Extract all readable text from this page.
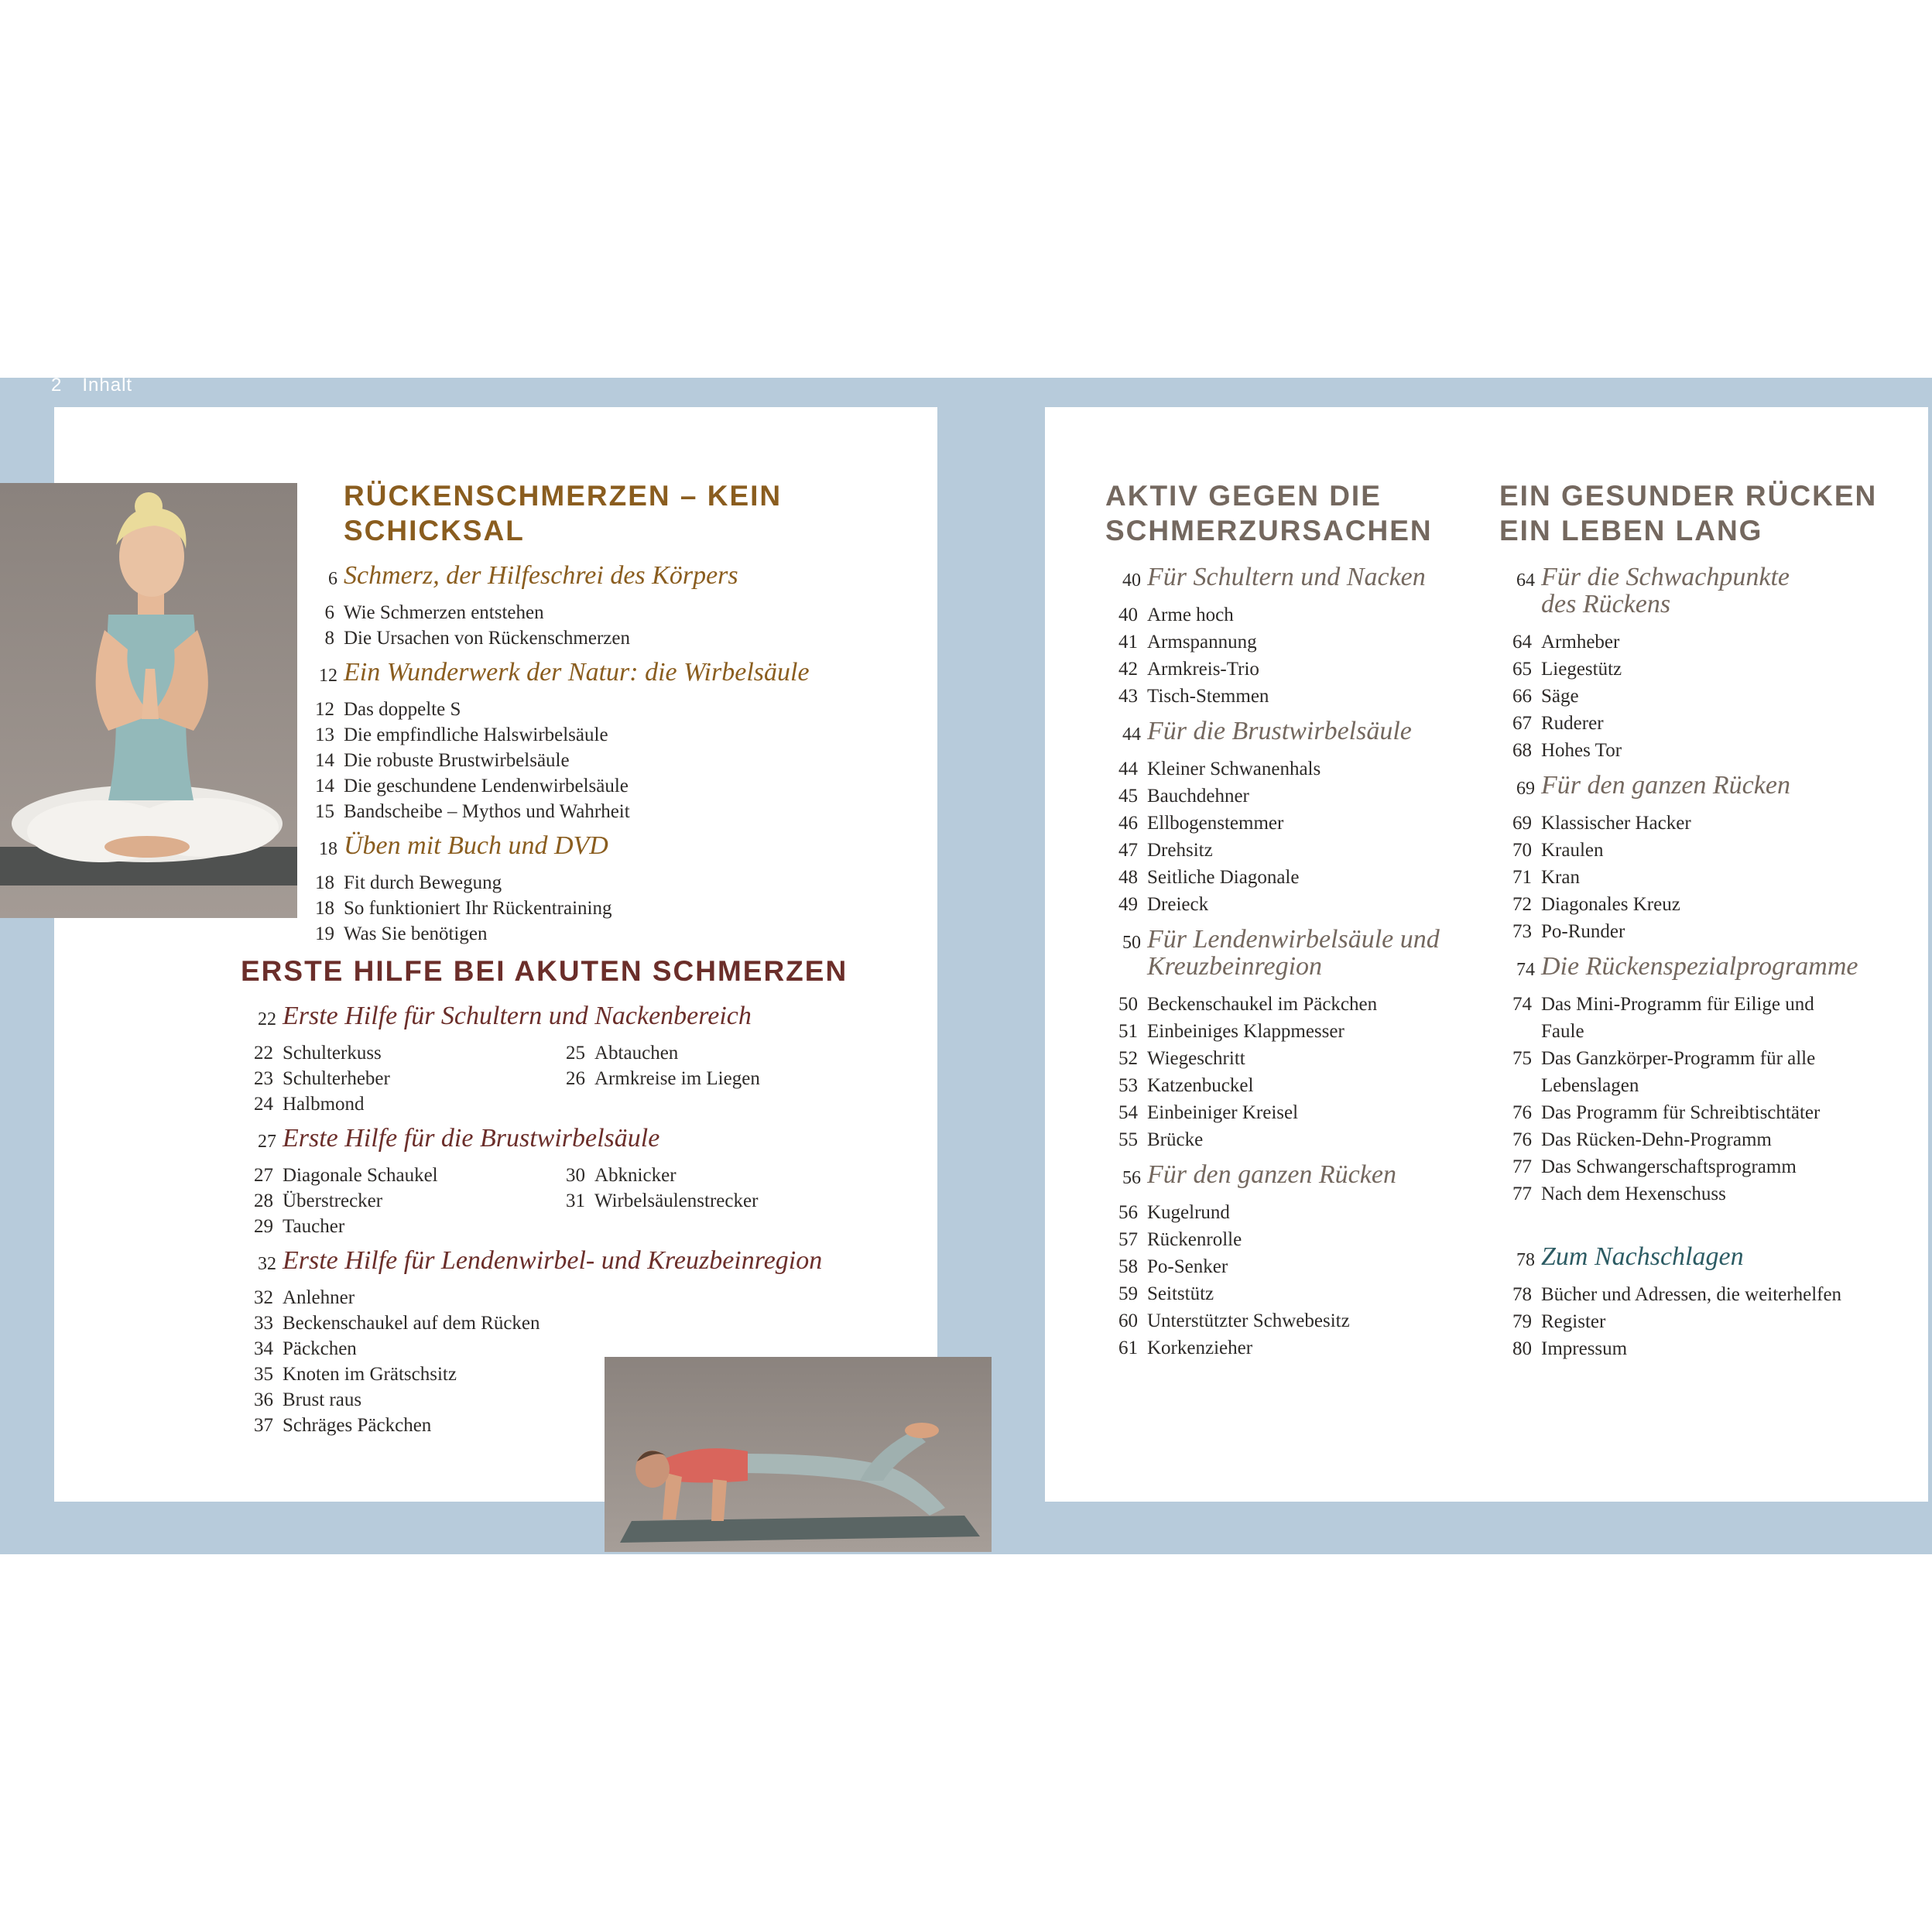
2 Inhalt
RÜCKENSCHMERZEN – KEIN SCHICKSAL
6 Schmerz, der Hilfeschrei des Körpers
6 Wie Schmerzen entstehen
8 Die Ursachen von Rückenschmerzen
12 Ein Wunderwerk der Natur: die Wirbelsäule
12 Das doppelte S
13 Die empfindliche Halswirbelsäule
14 Die robuste Brustwirbelsäule
14 Die geschundene Lendenwirbelsäule
15 Bandscheibe – Mythos und Wahrheit
18 Üben mit Buch und DVD
18 Fit durch Bewegung
18 So funktioniert Ihr Rückentraining
19 Was Sie benötigen
ERSTE HILFE BEI AKUTEN SCHMERZEN
22 Erste Hilfe für Schultern und Nackenbereich
22 Schulterkuss
23 Schulterheber
24 Halbmond
25 Abtauchen
26 Armkreise im Liegen
27 Erste Hilfe für die Brustwirbelsäule
27 Diagonale Schaukel
28 Überstrecker
29 Taucher
30 Abknicker
31 Wirbelsäulenstrecker
32 Erste Hilfe für Lendenwirbel- und Kreuzbeinregion
32 Anlehner
33 Beckenschaukel auf dem Rücken
34 Päckchen
35 Knoten im Grätschsitz
36 Brust raus
37 Schräges Päckchen
AKTIV GEGEN DIE
SCHMERZURSACHEN
40 Für Schultern und Nacken
40 Arme hoch
41 Armspannung
42 Armkreis-Trio
43 Tisch-Stemmen
44 Für die Brustwirbelsäule
44 Kleiner Schwanenhals
45 Bauchdehner
46 Ellbogenstemmer
47 Drehsitz
48 Seitliche Diagonale
49 Dreieck
50 Für Lendenwirbelsäule und
Kreuzbeinregion
50 Beckenschaukel im Päckchen
51 Einbeiniges Klappmesser
52 Wiegeschritt
53 Katzenbuckel
54 Einbeiniger Kreisel
55 Brücke
56 Für den ganzen Rücken
56 Kugelrund
57 Rückenrolle
58 Po-Senker
59 Seitstütz
60 Unterstützter Schwebesitz
61 Korkenzieher
EIN GESUNDER RÜCKEN
EIN LEBEN LANG
64 Für die Schwachpunkte
des Rückens
64 Armheber
65 Liegestütz
66 Säge
67 Ruderer
68 Hohes Tor
69 Für den ganzen Rücken
69 Klassischer Hacker
70 Kraulen
71 Kran
72 Diagonales Kreuz
73 Po-Runder
74 Die Rückenspezialprogramme
74 Das Mini-Programm für Eilige und
Faule
75 Das Ganzkörper-Programm für alle
Lebenslagen
76 Das Programm für Schreibtischtäter
76 Das Rücken-Dehn-Programm
77 Das Schwangerschaftsprogramm
77 Nach dem Hexenschuss
78 Zum Nachschlagen
78 Bücher und Adressen, die weiterhelfen
79 Register
80 Impressum
